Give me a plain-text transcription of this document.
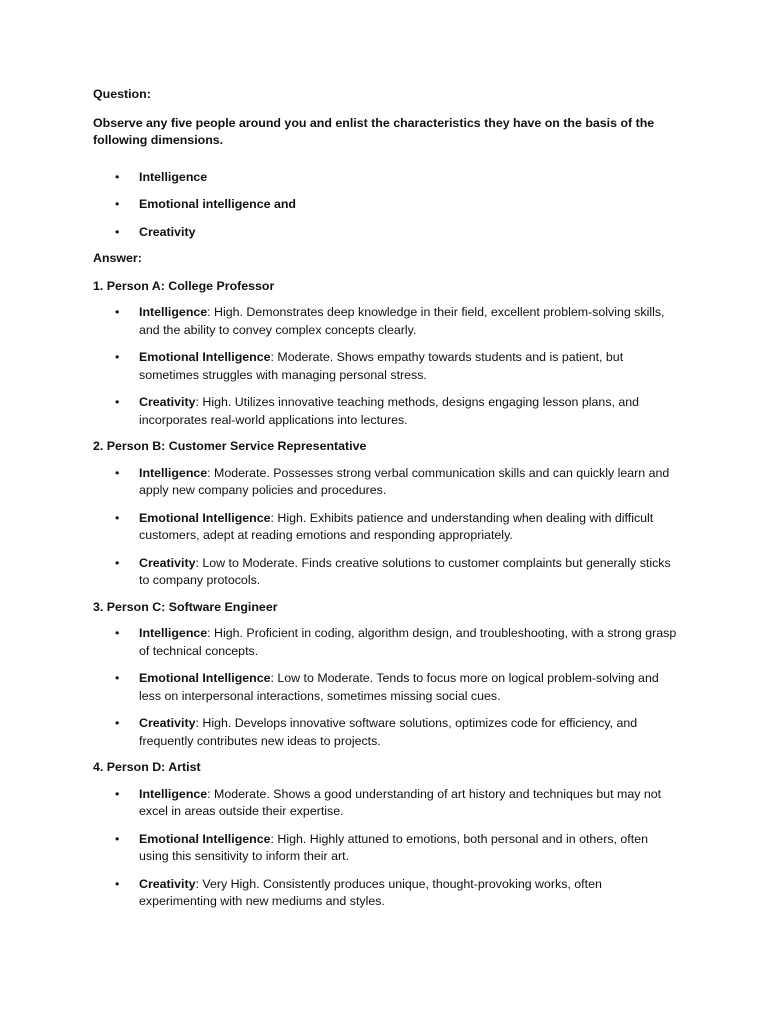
Question:

Observe any five people around you and enlist the characteristics they have on the basis of the following dimensions.

• Intelligence
• Emotional intelligence and
• Creativity

Answer:

1. Person A: College Professor

• Intelligence: High. Demonstrates deep knowledge in their field, excellent problem-solving skills, and the ability to convey complex concepts clearly.
• Emotional Intelligence: Moderate. Shows empathy towards students and is patient, but sometimes struggles with managing personal stress.
• Creativity: High. Utilizes innovative teaching methods, designs engaging lesson plans, and incorporates real-world applications into lectures.

2. Person B: Customer Service Representative

• Intelligence: Moderate. Possesses strong verbal communication skills and can quickly learn and apply new company policies and procedures.
• Emotional Intelligence: High. Exhibits patience and understanding when dealing with difficult customers, adept at reading emotions and responding appropriately.
• Creativity: Low to Moderate. Finds creative solutions to customer complaints but generally sticks to company protocols.

3. Person C: Software Engineer

• Intelligence: High. Proficient in coding, algorithm design, and troubleshooting, with a strong grasp of technical concepts.
• Emotional Intelligence: Low to Moderate. Tends to focus more on logical problem-solving and less on interpersonal interactions, sometimes missing social cues.
• Creativity: High. Develops innovative software solutions, optimizes code for efficiency, and frequently contributes new ideas to projects.

4. Person D: Artist

• Intelligence: Moderate. Shows a good understanding of art history and techniques but may not excel in areas outside their expertise.
• Emotional Intelligence: High. Highly attuned to emotions, both personal and in others, often using this sensitivity to inform their art.
• Creativity: Very High. Consistently produces unique, thought-provoking works, often experimenting with new mediums and styles.
